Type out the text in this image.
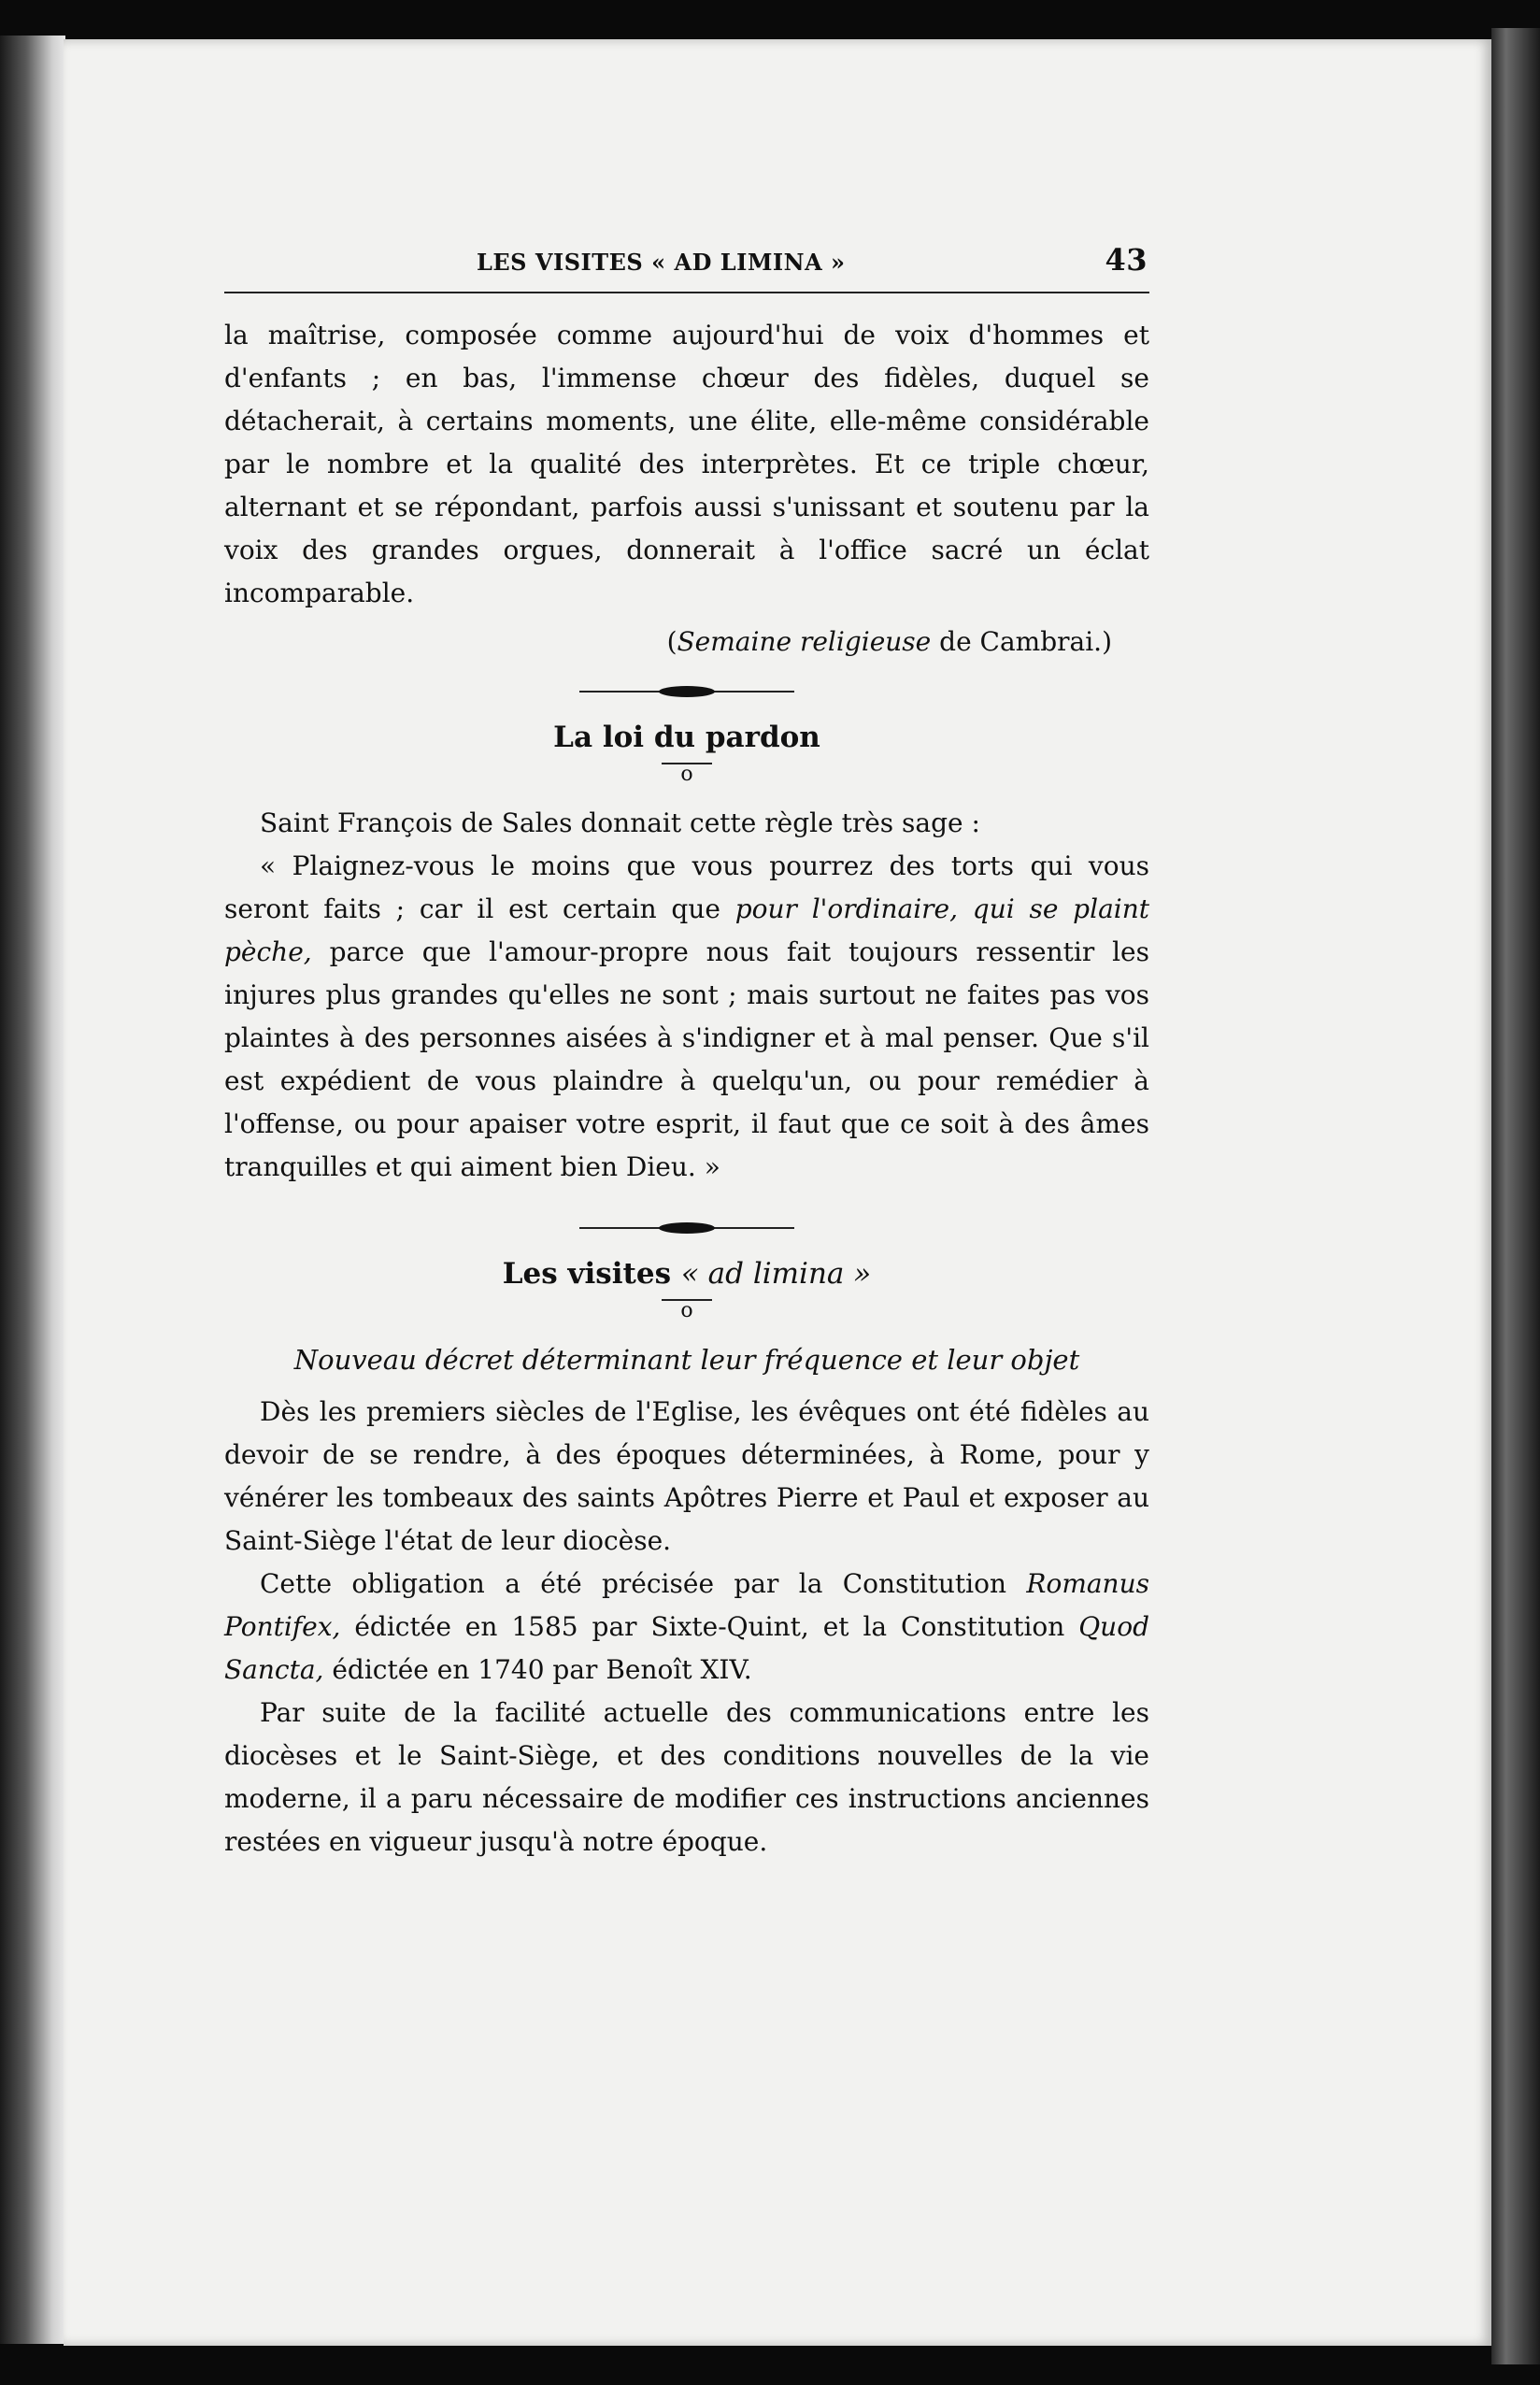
LES VISITES « AD LIMINA »	43

la maîtrise, composée comme aujourd'hui de voix d'hommes et d'enfants ; en bas, l'immense chœur des fidèles, duquel se détacherait, à certains moments, une élite, elle-même considérable par le nombre et la qualité des interprètes. Et ce triple chœur, alternant et se répondant, parfois aussi s'unissant et soutenu par la voix des grandes orgues, donnerait à l'office sacré un éclat incomparable.

(Semaine religieuse de Cambrai.)

La loi du pardon
o

Saint François de Sales donnait cette règle très sage :

« Plaignez-vous le moins que vous pourrez des torts qui vous seront faits ; car il est certain que pour l'ordinaire, qui se plaint pèche, parce que l'amour-propre nous fait toujours ressentir les injures plus grandes qu'elles ne sont ; mais surtout ne faites pas vos plaintes à des personnes aisées à s'indigner et à mal penser. Que s'il est expédient de vous plaindre à quelqu'un, ou pour remédier à l'offense, ou pour apaiser votre esprit, il faut que ce soit à des âmes tranquilles et qui aiment bien Dieu. »

Les visites « ad limina »
o
Nouveau décret déterminant leur fréquence et leur objet

Dès les premiers siècles de l'Eglise, les évêques ont été fidèles au devoir de se rendre, à des époques déterminées, à Rome, pour y vénérer les tombeaux des saints Apôtres Pierre et Paul et exposer au Saint-Siège l'état de leur diocèse.

Cette obligation a été précisée par la Constitution Romanus Pontifex, édictée en 1585 par Sixte-Quint, et la Constitution Quod Sancta, édictée en 1740 par Benoît XIV.

Par suite de la facilité actuelle des communications entre les diocèses et le Saint-Siège, et des conditions nouvelles de la vie moderne, il a paru nécessaire de modifier ces instructions anciennes restées en vigueur jusqu'à notre époque.
